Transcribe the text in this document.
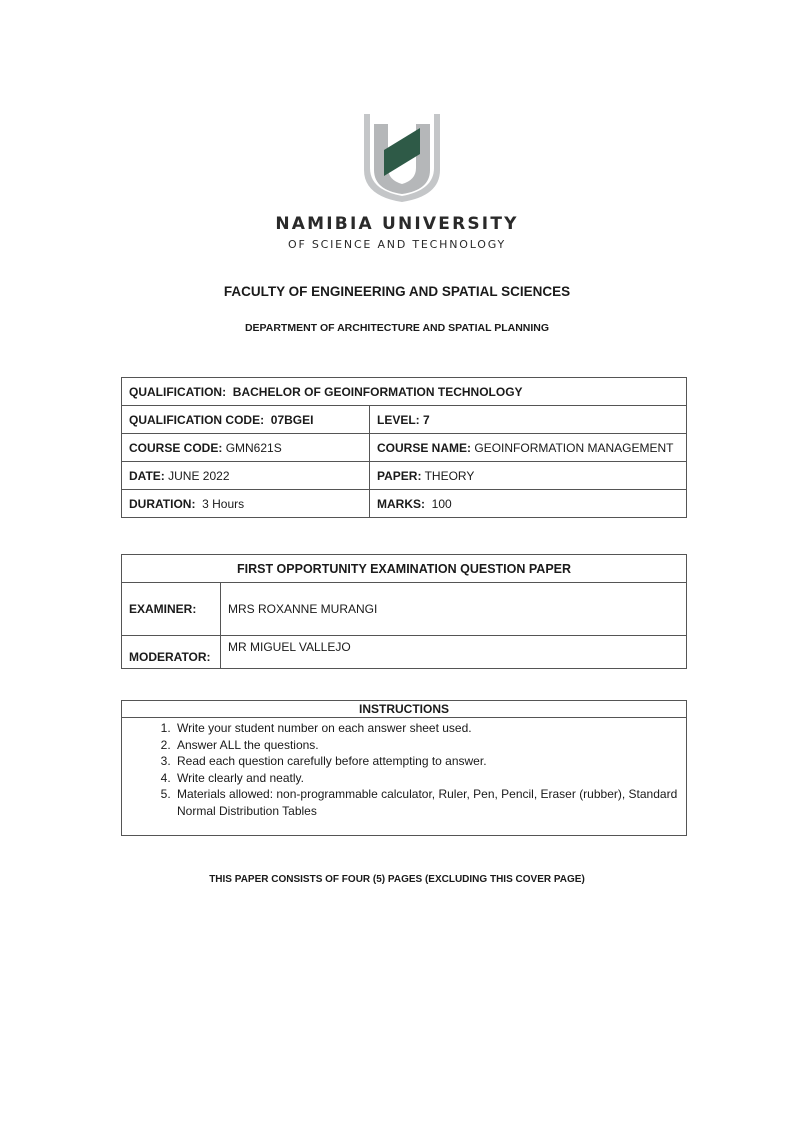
NAMIBIA UNIVERSITY
OF SCIENCE AND TECHNOLOGY
FACULTY OF ENGINEERING AND SPATIAL SCIENCES
DEPARTMENT OF ARCHITECTURE AND SPATIAL PLANNING
QUALIFICATION: BACHELOR OF GEOINFORMATION TECHNOLOGY	
QUALIFICATION CODE: 07BGEI	LEVEL: 7
COURSE CODE: GMN621S	COURSE NAME: GEOINFORMATION MANAGEMENT
DATE: JUNE 2022	PAPER: THEORY
DURATION: 3 Hours	MARKS: 100
FIRST OPPORTUNITY EXAMINATION QUESTION PAPER	
EXAMINER:	MRS ROXANNE MURANGI
MODERATOR:	MR MIGUEL VALLEJO
INSTRUCTIONS
1. Write your student number on each answer sheet used.
2. Answer ALL the questions.
3. Read each question carefully before attempting to answer.
4. Write clearly and neatly.
5. Materials allowed: non-programmable calculator, Ruler, Pen, Pencil, Eraser (rubber), Standard Normal Distribution Tables
THIS PAPER CONSISTS OF FOUR (5) PAGES (EXCLUDING THIS COVER PAGE)
